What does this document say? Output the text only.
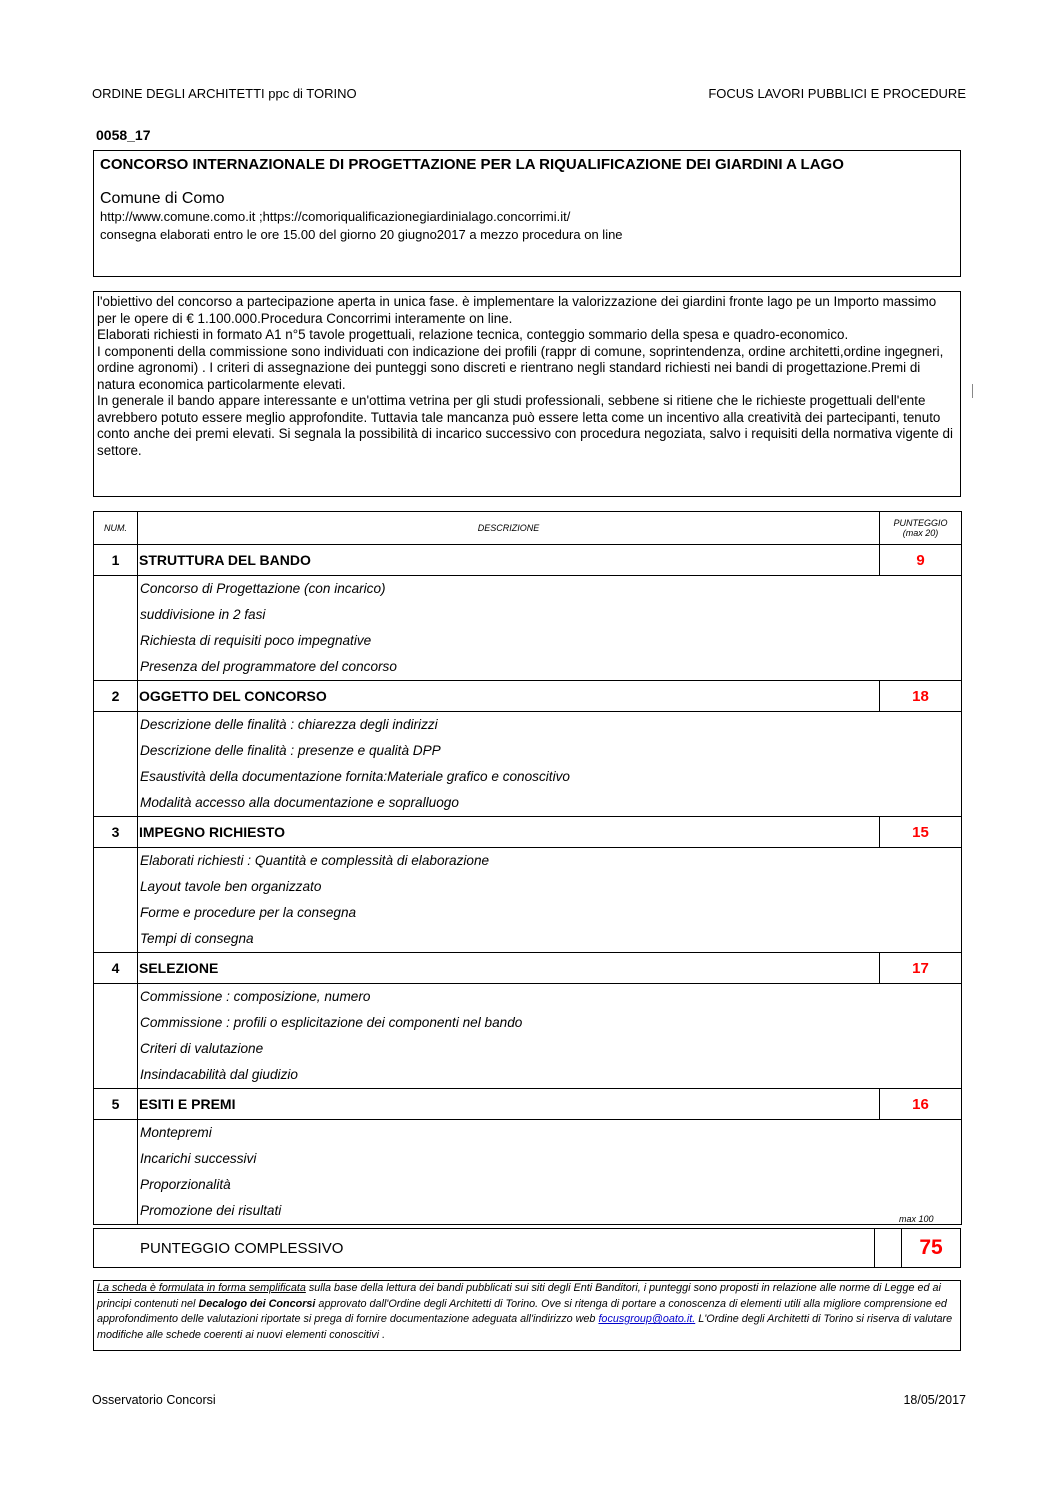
ORDINE DEGLI ARCHITETTI ppc di TORINO	FOCUS LAVORI PUBBLICI E PROCEDURE
0058_17
CONCORSO INTERNAZIONALE DI PROGETTAZIONE PER LA RIQUALIFICAZIONE DEI GIARDINI A LAGO
Comune di Como
http://www.comune.como.it ;https://comoriqualificazionegiardinialago.concorrimi.it/
consegna elaborati entro le ore 15.00 del giorno 20 giugno2017 a mezzo procedura on line

l'obiettivo del concorso a partecipazione aperta in unica fase. è implementare la valorizzazione dei giardini fronte lago pe un Importo massimo per le opere di € 1.100.000.Procedura Concorrimi interamente on line.
Elaborati richiesti in formato A1 n°5 tavole progettuali, relazione tecnica, conteggio sommario della spesa e quadro-economico.
I componenti della commissione sono individuati con indicazione dei profili (rappr di comune, soprintendenza, ordine architetti,ordine ingegneri, ordine agronomi) . I criteri di assegnazione dei punteggi sono discreti e rientrano negli standard richiesti nei bandi di progettazione.Premi di natura economica particolarmente elevati.
In generale il bando appare interessante e un'ottima vetrina per gli studi professionali, sebbene si ritiene che le richieste progettuali dell'ente avrebbero potuto essere meglio approfondite. Tuttavia tale mancanza può essere letta come un incentivo alla creatività dei partecipanti, tenuto conto anche dei premi elevati. Si segnala la possibilità di incarico successivo con procedura negoziata, salvo i requisiti della normativa vigente di settore.

NUM.	DESCRIZIONE	PUNTEGGIO
(max 20)

1	STRUTTURA DEL BANDO	9

	Concorso di Progettazione (con incarico)
suddivisione in 2 fasi
Richiesta di requisiti poco impegnative
Presenza del programmatore del concorso	

2	OGGETTO DEL CONCORSO	18

	Descrizione delle finalità : chiarezza degli indirizzi
Descrizione delle finalità : presenze e qualità DPP
Esaustività della documentazione fornita:Materiale grafico e conoscitivo
Modalità accesso alla documentazione e sopralluogo	

3	IMPEGNO RICHIESTO	15

	Elaborati richiesti : Quantità e complessità di elaborazione
Layout tavole ben organizzato
Forme e procedure per la consegna
Tempi di consegna	

4	SELEZIONE	17

	Commissione : composizione, numero
Commissione : profili o esplicitazione dei componenti nel bando
Criteri di valutazione
Insindacabilità dal giudizio	

5	ESITI E PREMI	16

	Montepremi
Incarichi successivi
Proporzionalità
Promozione dei risultati	
max 100
PUNTEGGIO COMPLESSIVO		75

La scheda è formulata in forma semplificata sulla base della lettura dei bandi pubblicati sui siti degli Enti Banditori, i punteggi sono proposti in relazione alle norme di Legge ed ai principi contenuti nel Decalogo dei Concorsi approvato dall'Ordine degli Architetti di Torino. Ove si ritenga di portare a conoscenza di elementi utili alla migliore comprensione ed approfondimento delle valutazioni riportate si prega di fornire documentazione adeguata all'indirizzo web focusgroup@oato.it. L'Ordine degli Architetti di Torino si riserva di valutare modifiche alle schede coerenti ai nuovi elementi conoscitivi .

Osservatorio Concorsi	18/05/2017
